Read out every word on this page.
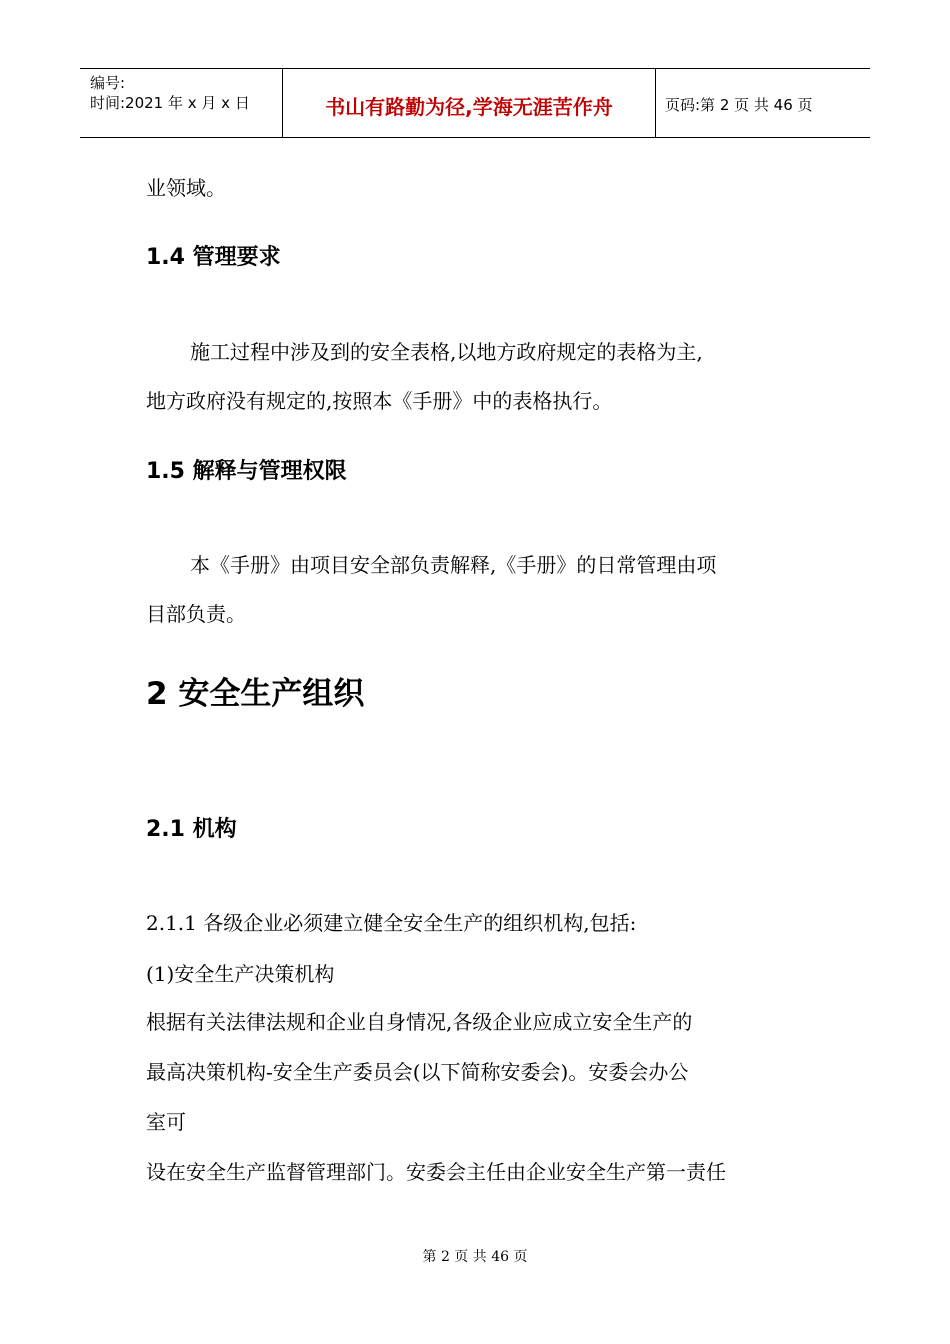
编号:
时间:2021 年 x 月 x 日	书山有路勤为径,学海无涯苦作舟	页码:第 2 页 共 46 页
业领域。
1.4 管理要求
施工过程中涉及到的安全表格,以地方政府规定的表格为主,
地方政府没有规定的,按照本《手册》中的表格执行。
1.5 解释与管理权限
本《手册》由项目安全部负责解释,《手册》的日常管理由项
目部负责。
2 安全生产组织
2.1 机构
2.1.1 各级企业必须建立健全安全生产的组织机构,包括:
(1)安全生产决策机构
根据有关法律法规和企业自身情况,各级企业应成立安全生产的
最高决策机构-安全生产委员会(以下简称安委会)。安委会办公
室可
设在安全生产监督管理部门。安委会主任由企业安全生产第一责任
第 2 页 共 46 页
